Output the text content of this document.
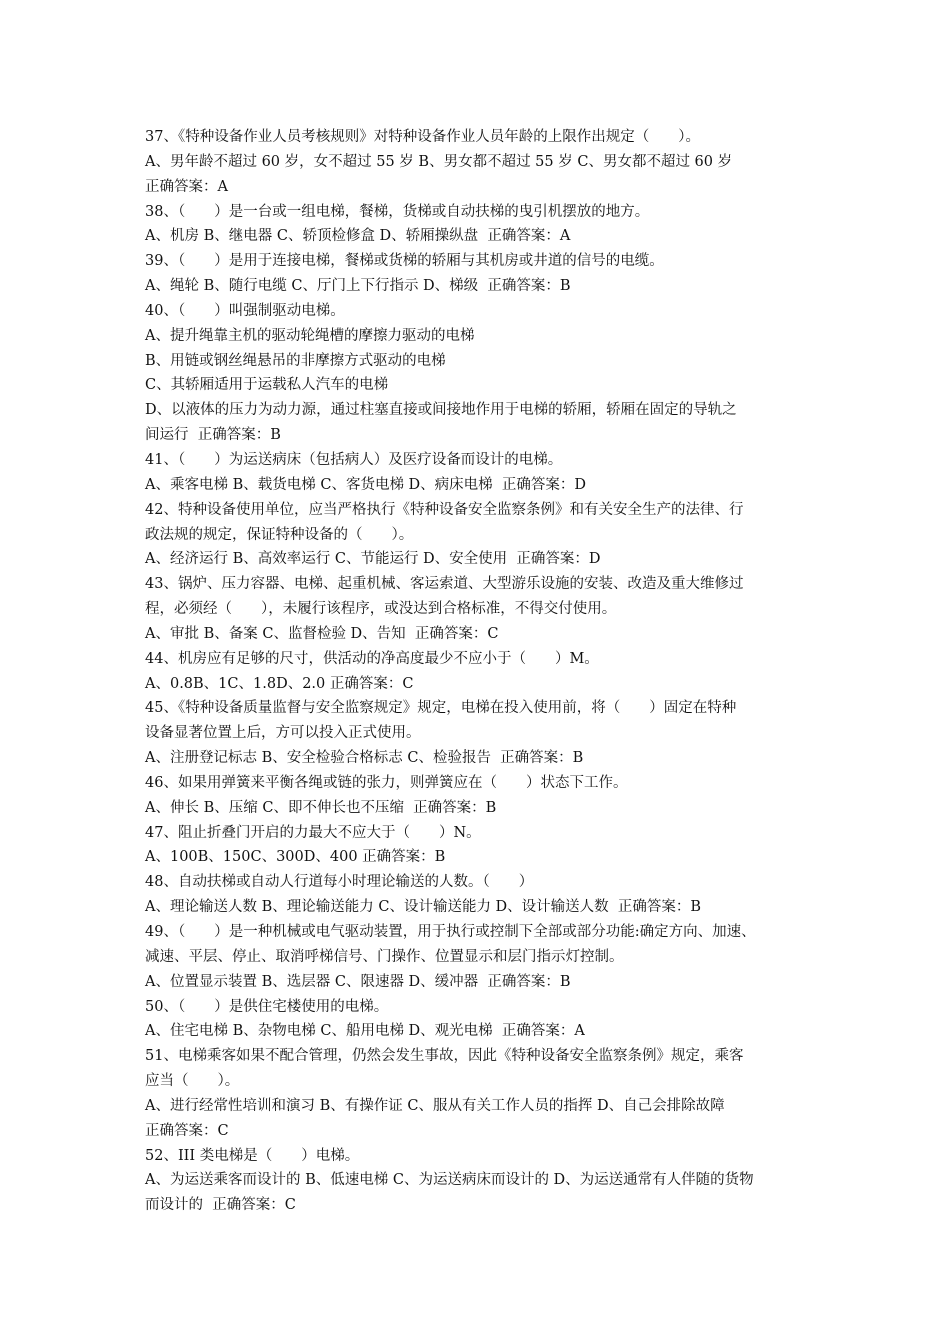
37、《特种设备作业人员考核规则》对特种设备作业人员年龄的上限作出规定（　　）。
A、男年龄不超过 60 岁，女不超过 55 岁 B、男女都不超过 55 岁 C、男女都不超过 60 岁
正确答案：A
38、（　　）是一台或一组电梯，餐梯，货梯或自动扶梯的曳引机摆放的地方。
A、机房 B、继电器 C、轿顶检修盒 D、轿厢操纵盘  正确答案：A
39、（　　）是用于连接电梯，餐梯或货梯的轿厢与其机房或井道的信号的电缆。
A、绳轮 B、随行电缆 C、厅门上下行指示 D、梯级  正确答案：B
40、（　　）叫强制驱动电梯。
A、提升绳靠主机的驱动轮绳槽的摩擦力驱动的电梯
B、用链或钢丝绳悬吊的非摩擦方式驱动的电梯
C、其轿厢适用于运载私人汽车的电梯
D、以液体的压力为动力源，通过柱塞直接或间接地作用于电梯的轿厢，轿厢在固定的导轨之
间运行  正确答案：B
41、（　　）为运送病床（包括病人）及医疗设备而设计的电梯。
A、乘客电梯 B、载货电梯 C、客货电梯 D、病床电梯  正确答案：D
42、特种设备使用单位，应当严格执行《特种设备安全监察条例》和有关安全生产的法律、行
政法规的规定，保证特种设备的（　　）。
A、经济运行 B、高效率运行 C、节能运行 D、安全使用  正确答案：D
43、锅炉、压力容器、电梯、起重机械、客运索道、大型游乐设施的安装、改造及重大维修过
程，必须经（　　），未履行该程序，或没达到合格标准，不得交付使用。
A、审批 B、备案 C、监督检验 D、告知  正确答案：C
44、机房应有足够的尺寸，供活动的净高度最少不应小于（　　）M。
A、0.8B、1C、1.8D、2.0 正确答案：C
45、《特种设备质量监督与安全监察规定》规定，电梯在投入使用前，将（　　）固定在特种
设备显著位置上后，方可以投入正式使用。
A、注册登记标志 B、安全检验合格标志 C、检验报告  正确答案：B
46、如果用弹簧来平衡各绳或链的张力，则弹簧应在（　　）状态下工作。
A、伸长 B、压缩 C、即不伸长也不压缩  正确答案：B
47、阻止折叠门开启的力最大不应大于（　　）N。
A、100B、150C、300D、400 正确答案：B
48、自动扶梯或自动人行道每小时理论输送的人数。（　　）
A、理论输送人数 B、理论输送能力 C、设计输送能力 D、设计输送人数  正确答案：B
49、（　　）是一种机械或电气驱动装置，用于执行或控制下全部或部分功能:确定方向、加速、
减速、平层、停止、取消呼梯信号、门操作、位置显示和层门指示灯控制。
A、位置显示装置 B、选层器 C、限速器 D、缓冲器  正确答案：B
50、（　　）是供住宅楼使用的电梯。
A、住宅电梯 B、杂物电梯 C、船用电梯 D、观光电梯  正确答案：A
51、电梯乘客如果不配合管理，仍然会发生事故，因此《特种设备安全监察条例》规定，乘客
应当（　　）。
A、进行经常性培训和演习 B、有操作证 C、服从有关工作人员的指挥 D、自己会排除故障
正确答案：C
52、III 类电梯是（　　）电梯。
A、为运送乘客而设计的 B、低速电梯 C、为运送病床而设计的 D、为运送通常有人伴随的货物
而设计的  正确答案：C
